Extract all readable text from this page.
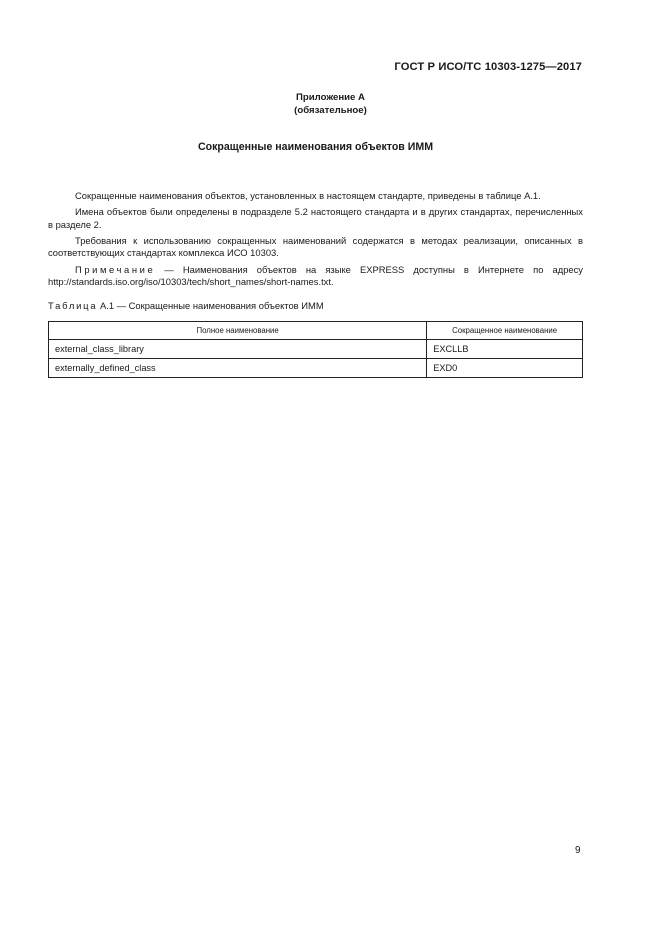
ГОСТ Р ИСО/ТС 10303-1275—2017
Приложение А
(обязательное)
Сокращенные наименования объектов ИММ

Сокращенные наименования объектов, установленных в настоящем стандарте, приведены в таблице А.1.

Имена объектов были определены в подразделе 5.2 настоящего стандарта и в других стандартах, перечисленных в разделе 2.

Требования к использованию сокращенных наименований содержатся в методах реализации, описанных в соответствующих стандартах комплекса ИСО 10303.

Примечание — Наименования объектов на языке EXPRESS доступны в Интернете по адресу http://standards.iso.org/iso/10303/tech/short_names/short-names.txt.

Таблица А.1 — Сокращенные наименования объектов ИММ
Полное наименование	Сокращенное наименование
external_class_library	EXCLLB
externally_defined_class	EXD0
9
